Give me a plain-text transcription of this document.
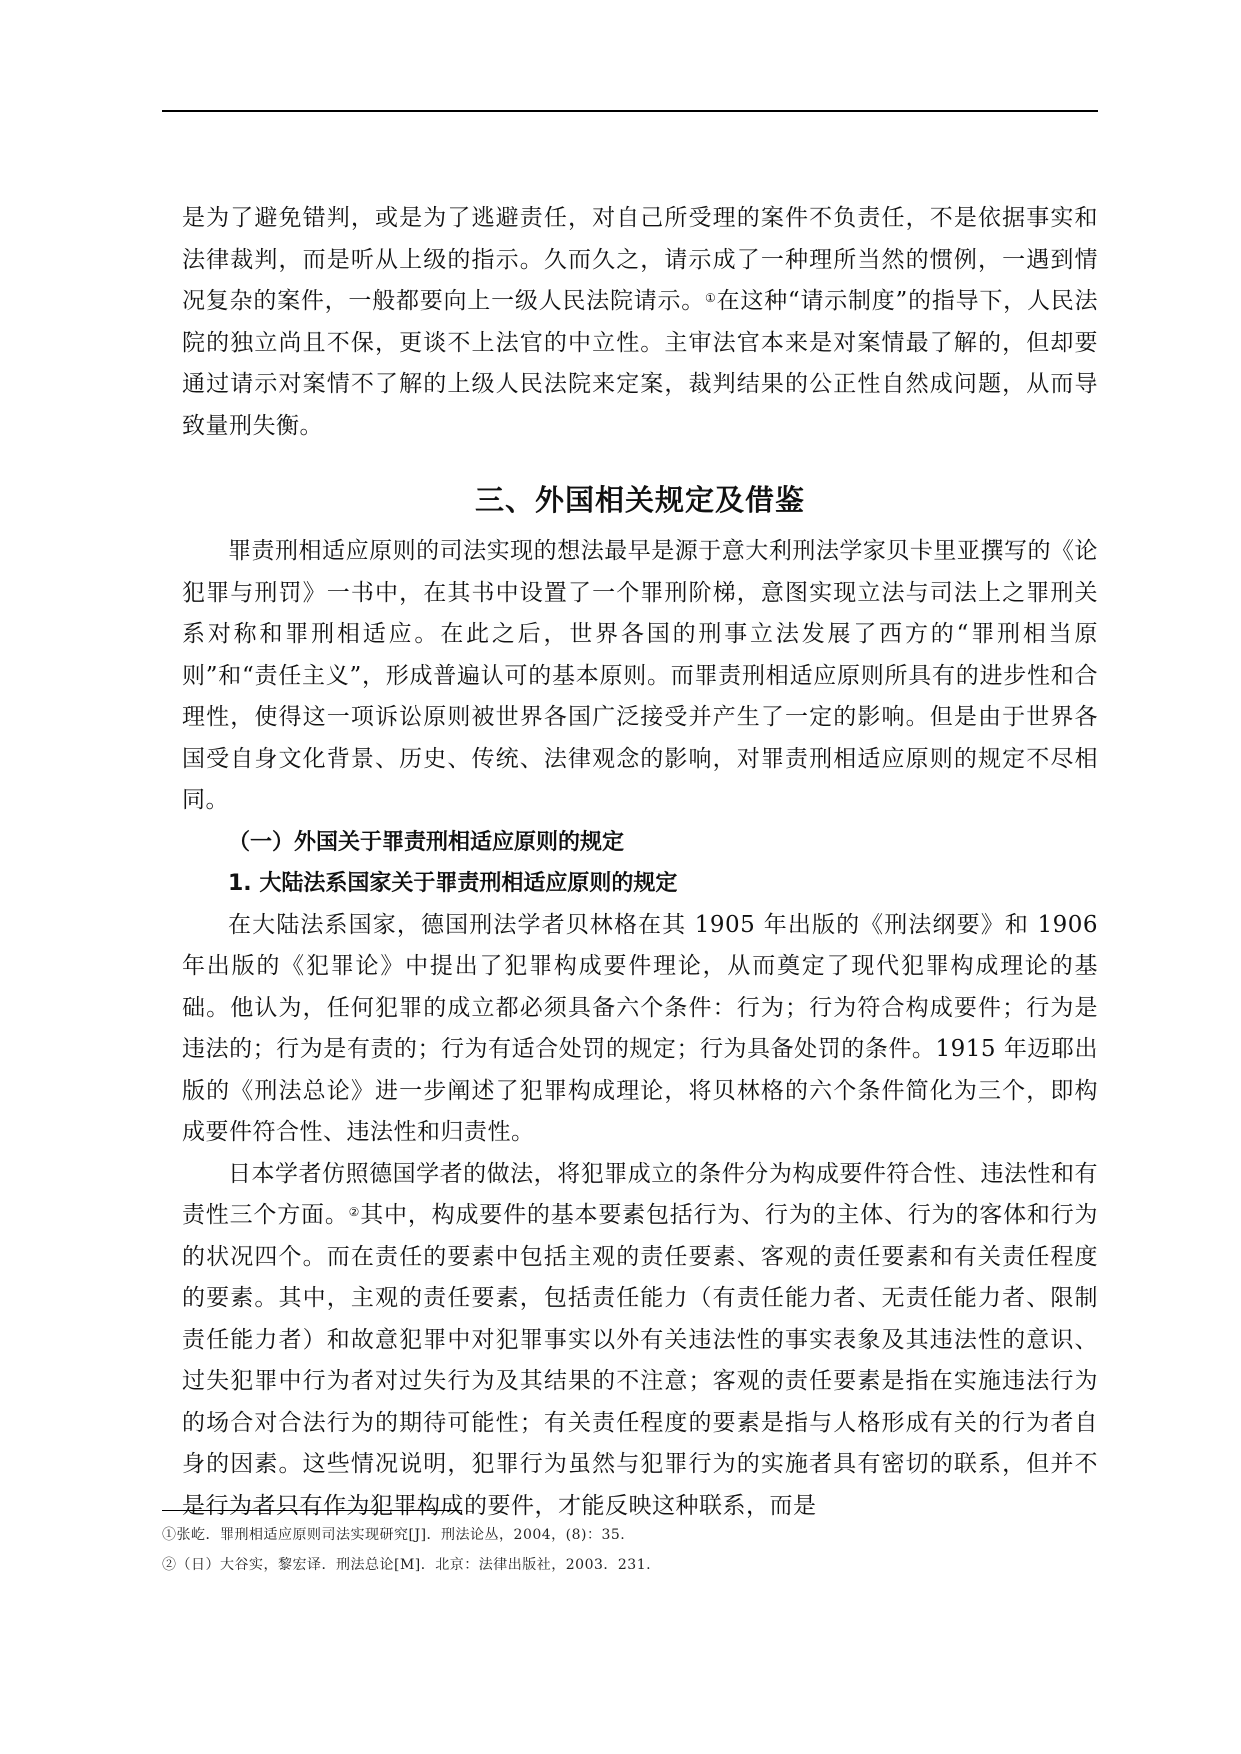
是为了避免错判，或是为了逃避责任，对自己所受理的案件不负责任，不是依据事实和法律裁判，而是听从上级的指示。久而久之，请示成了一种理所当然的惯例，一遇到情况复杂的案件，一般都要向上一级人民法院请示。①在这种“请示制度”的指导下，人民法院的独立尚且不保，更谈不上法官的中立性。主审法官本来是对案情最了解的，但却要通过请示对案情不了解的上级人民法院来定案，裁判结果的公正性自然成问题，从而导致量刑失衡。

三、外国相关规定及借鉴

罪责刑相适应原则的司法实现的想法最早是源于意大利刑法学家贝卡里亚撰写的《论犯罪与刑罚》一书中，在其书中设置了一个罪刑阶梯，意图实现立法与司法上之罪刑关系对称和罪刑相适应。在此之后，世界各国的刑事立法发展了西方的“罪刑相当原则”和“责任主义”，形成普遍认可的基本原则。而罪责刑相适应原则所具有的进步性和合理性，使得这一项诉讼原则被世界各国广泛接受并产生了一定的影响。但是由于世界各国受自身文化背景、历史、传统、法律观念的影响，对罪责刑相适应原则的规定不尽相同。

（一）外国关于罪责刑相适应原则的规定
1. 大陆法系国家关于罪责刑相适应原则的规定

在大陆法系国家，德国刑法学者贝林格在其 1905 年出版的《刑法纲要》和 1906 年出版的《犯罪论》中提出了犯罪构成要件理论，从而奠定了现代犯罪构成理论的基础。他认为，任何犯罪的成立都必须具备六个条件：行为；行为符合构成要件；行为是违法的；行为是有责的；行为有适合处罚的规定；行为具备处罚的条件。1915 年迈耶出版的《刑法总论》进一步阐述了犯罪构成理论，将贝林格的六个条件简化为三个，即构成要件符合性、违法性和归责性。

日本学者仿照德国学者的做法，将犯罪成立的条件分为构成要件符合性、违法性和有责性三个方面。②其中，构成要件的基本要素包括行为、行为的主体、行为的客体和行为的状况四个。而在责任的要素中包括主观的责任要素、客观的责任要素和有关责任程度的要素。其中，主观的责任要素，包括责任能力（有责任能力者、无责任能力者、限制责任能力者）和故意犯罪中对犯罪事实以外有关违法性的事实表象及其违法性的意识、过失犯罪中行为者对过失行为及其结果的不注意；客观的责任要素是指在实施违法行为的场合对合法行为的期待可能性；有关责任程度的要素是指与人格形成有关的行为者自身的因素。这些情况说明，犯罪行为虽然与犯罪行为的实施者具有密切的联系，但并不是行为者只有作为犯罪构成的要件，才能反映这种联系，而是

①张屹．罪刑相适应原则司法实现研究[J]．刑法论丛，2004，(8)：35.

②（日）大谷实，黎宏译．刑法总论[M]．北京：法律出版社，2003．231.
